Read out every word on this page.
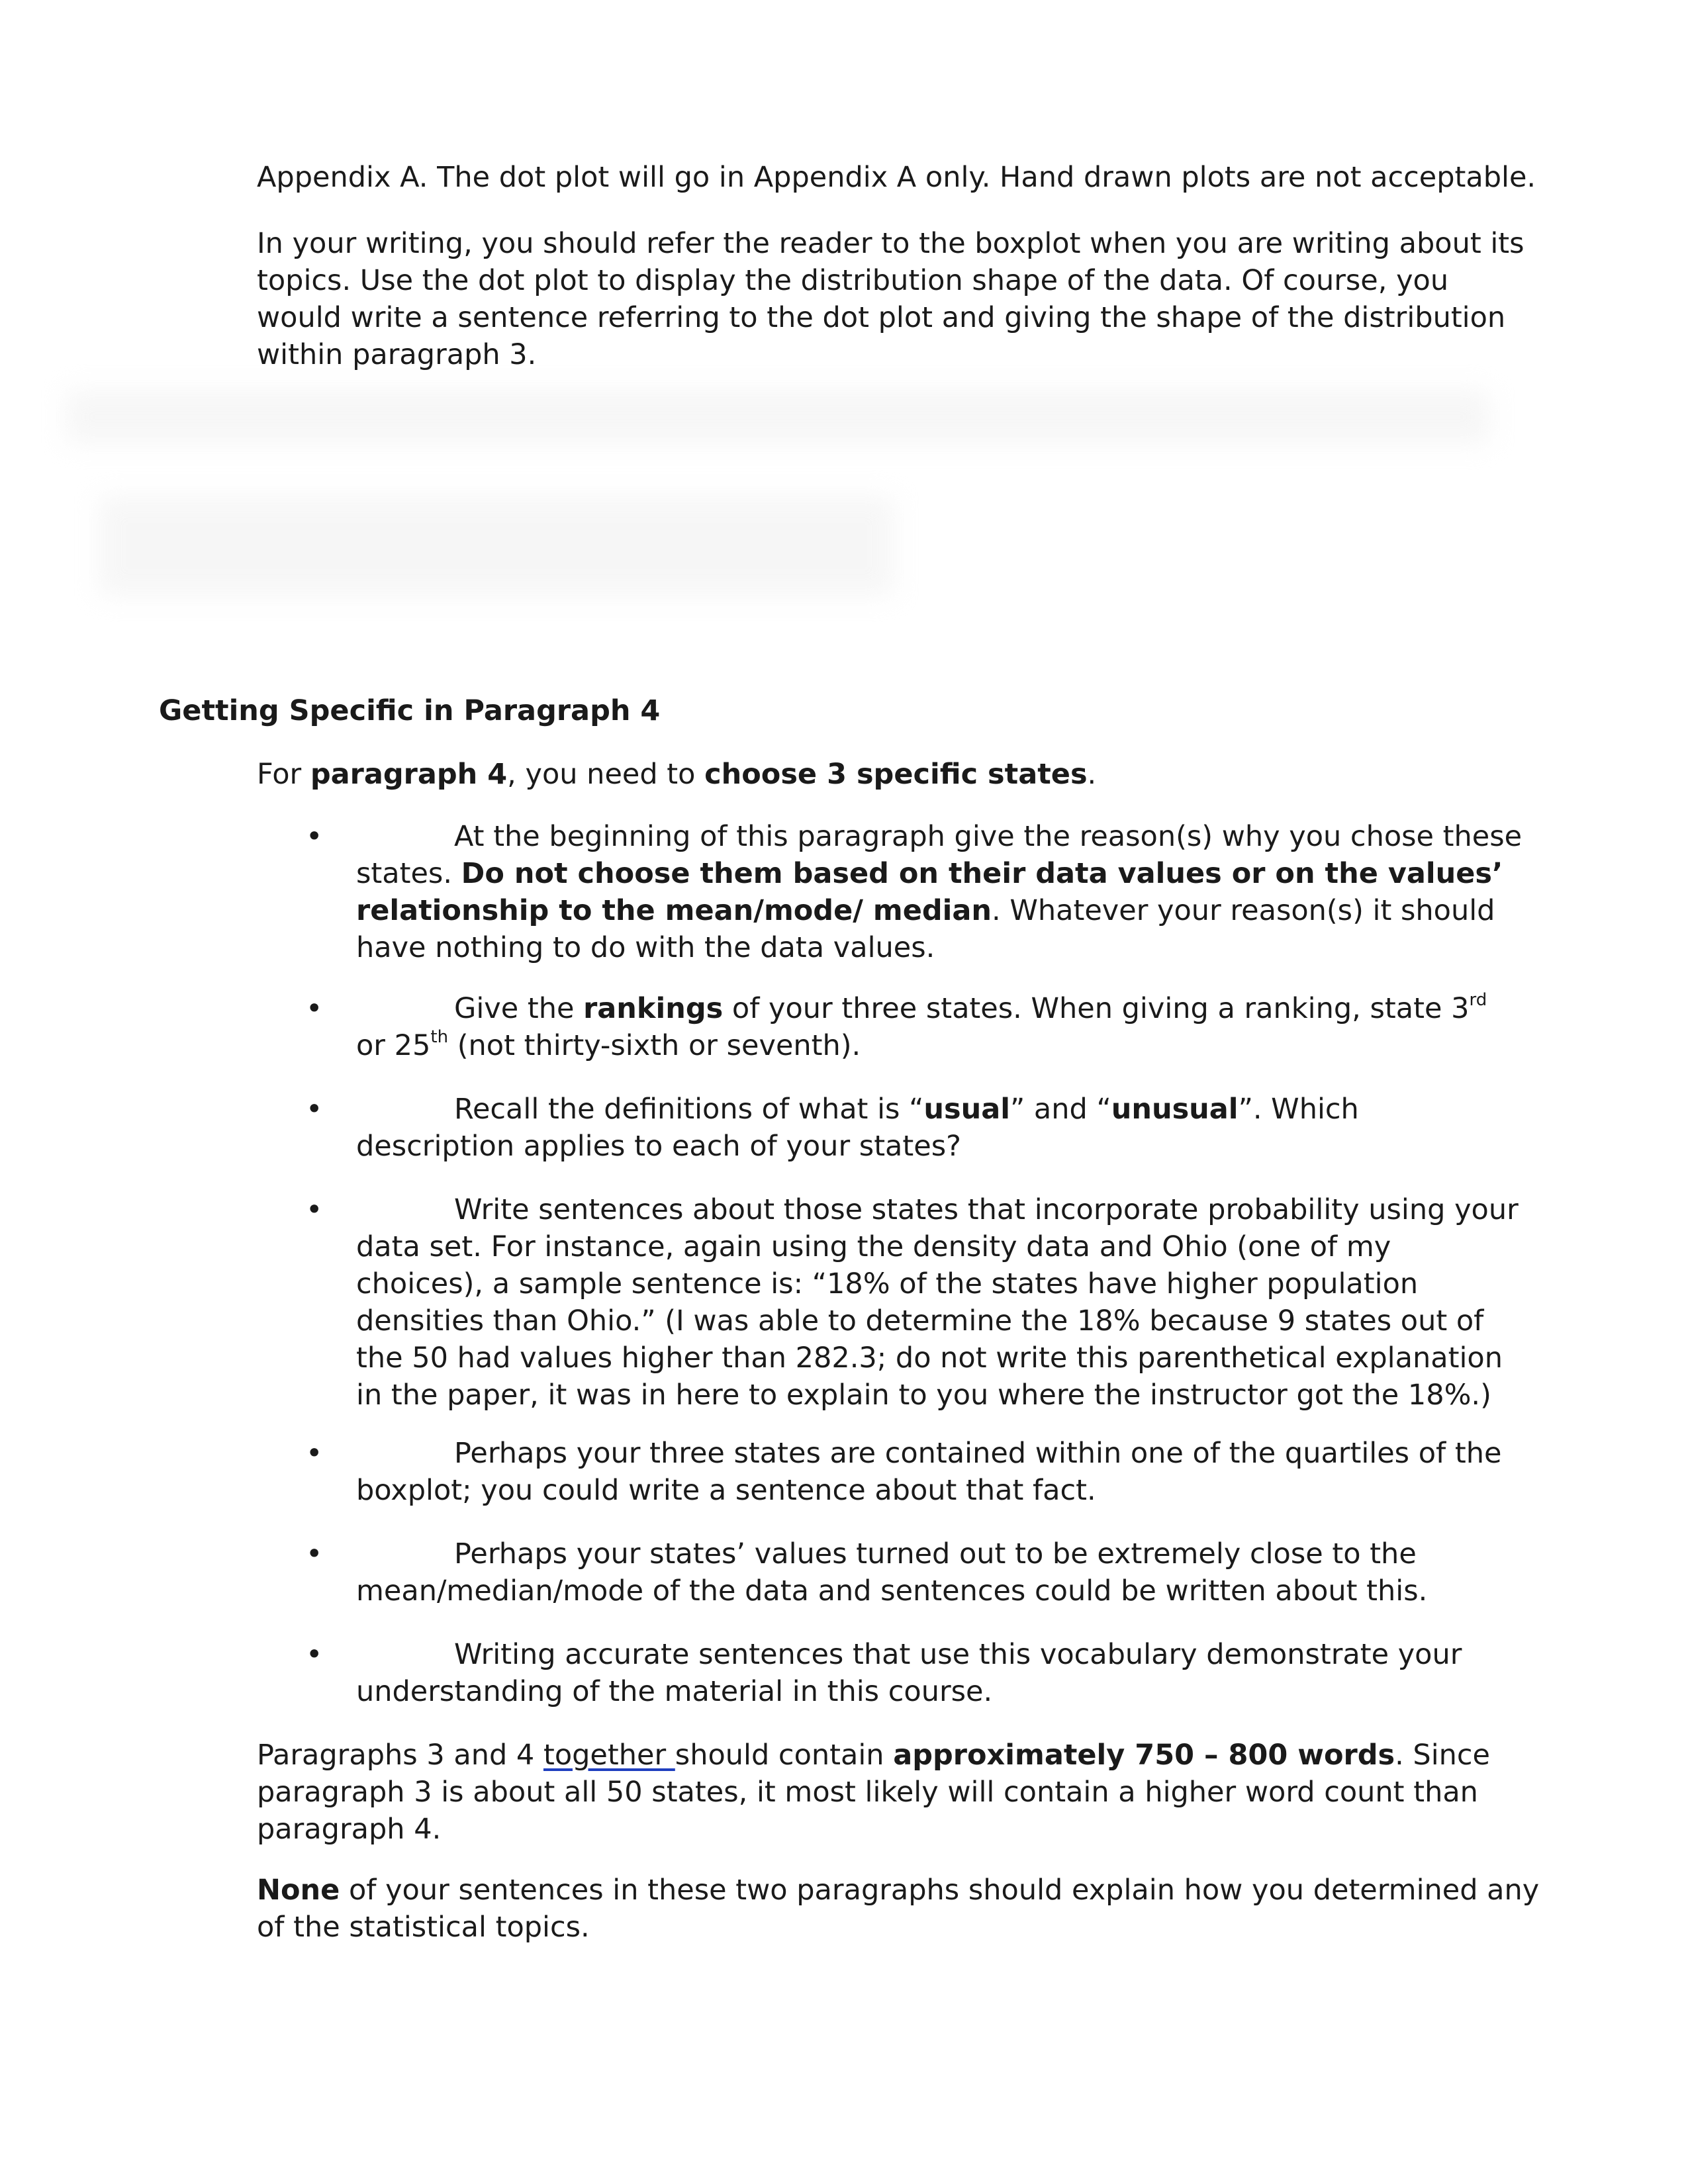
Appendix A. The dot plot will go in Appendix A only. Hand drawn plots are not acceptable.

In your writing, you should refer the reader to the boxplot when you are writing about its topics. Use the dot plot to display the distribution shape of the data. Of course, you would write a sentence referring to the dot plot and giving the shape of the distribution within paragraph 3.

Getting Specific in Paragraph 4

For paragraph 4, you need to choose 3 specific states.

•	At the beginning of this paragraph give the reason(s) why you chose these states. Do not choose them based on their data values or on the values’ relationship to the mean/mode/ median. Whatever your reason(s) it should have nothing to do with the data values.
•	Give the rankings of your three states. When giving a ranking, state 3rd or 25th (not thirty-sixth or seventh).
•	Recall the definitions of what is “usual” and “unusual”. Which description applies to each of your states?
•	Write sentences about those states that incorporate probability using your data set. For instance, again using the density data and Ohio (one of my choices), a sample sentence is: “18% of the states have higher population densities than Ohio.” (I was able to determine the 18% because 9 states out of the 50 had values higher than 282.3; do not write this parenthetical explanation in the paper, it was in here to explain to you where the instructor got the 18%.)
•	Perhaps your three states are contained within one of the quartiles of the boxplot; you could write a sentence about that fact.
•	Perhaps your states’ values turned out to be extremely close to the mean/median/mode of the data and sentences could be written about this.
•	Writing accurate sentences that use this vocabulary demonstrate your understanding of the material in this course.

Paragraphs 3 and 4 together should contain approximately 750 – 800 words. Since paragraph 3 is about all 50 states, it most likely will contain a higher word count than paragraph 4.

None of your sentences in these two paragraphs should explain how you determined any of the statistical topics.
